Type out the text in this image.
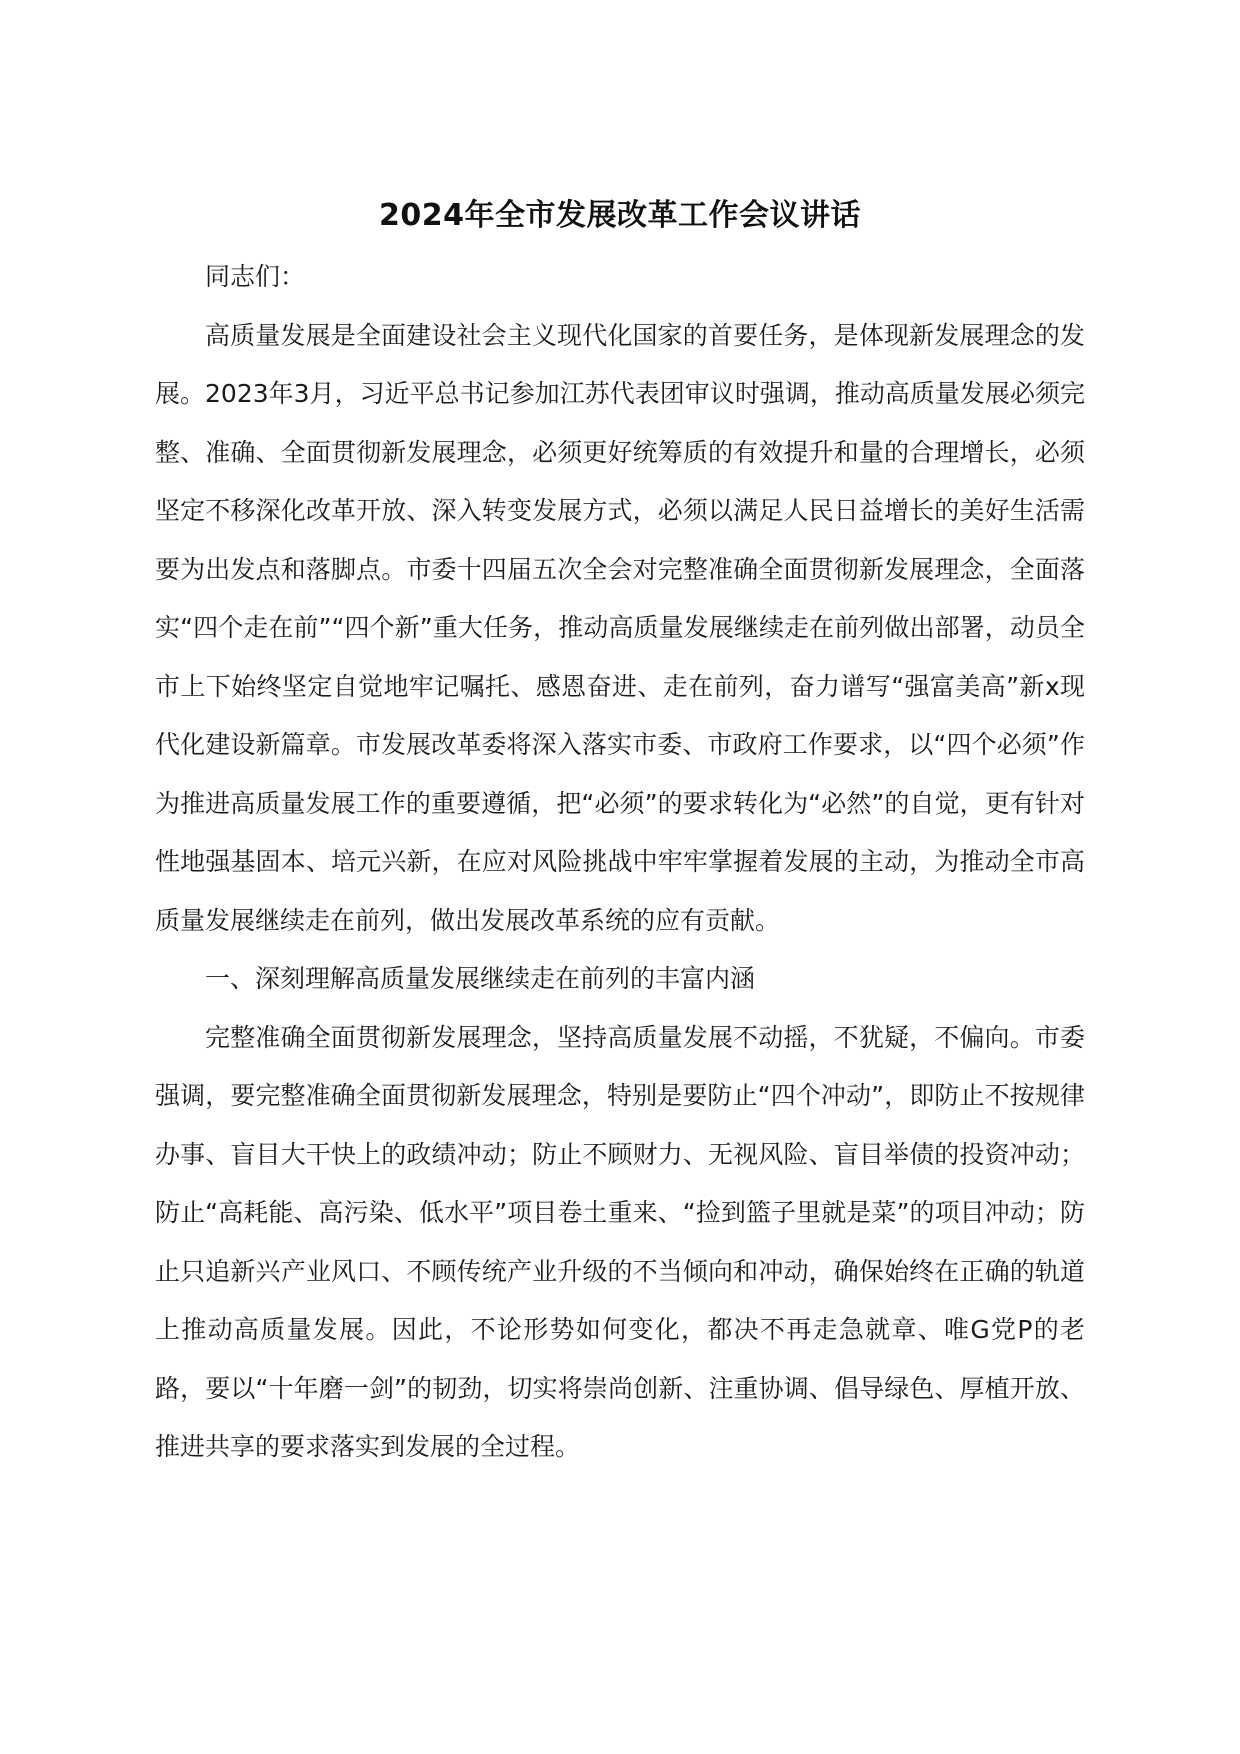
2024年全市发展改革工作会议讲话

同志们：

高质量发展是全面建设社会主义现代化国家的首要任务，是体现新发展理念的发展。2023年3月，习近平总书记参加江苏代表团审议时强调，推动高质量发展必须完整、准确、全面贯彻新发展理念，必须更好统筹质的有效提升和量的合理增长，必须坚定不移深化改革开放、深入转变发展方式，必须以满足人民日益增长的美好生活需要为出发点和落脚点。市委十四届五次全会对完整准确全面贯彻新发展理念，全面落实“四个走在前”“四个新”重大任务，推动高质量发展继续走在前列做出部署，动员全市上下始终坚定自觉地牢记嘱托、感恩奋进、走在前列，奋力谱写“强富美高”新x现代化建设新篇章。市发展改革委将深入落实市委、市政府工作要求，以“四个必须”作为推进高质量发展工作的重要遵循，把“必须”的要求转化为“必然”的自觉，更有针对性地强基固本、培元兴新，在应对风险挑战中牢牢掌握着发展的主动，为推动全市高质量发展继续走在前列，做出发展改革系统的应有贡献。

一、深刻理解高质量发展继续走在前列的丰富内涵

完整准确全面贯彻新发展理念，坚持高质量发展不动摇，不犹疑，不偏向。市委强调，要完整准确全面贯彻新发展理念，特别是要防止“四个冲动”，即防止不按规律办事、盲目大干快上的政绩冲动；防止不顾财力、无视风险、盲目举债的投资冲动；防止“高耗能、高污染、低水平”项目卷土重来、“捡到篮子里就是菜”的项目冲动；防止只追新兴产业风口、不顾传统产业升级的不当倾向和冲动，确保始终在正确的轨道上推动高质量发展。因此，不论形势如何变化，都决不再走急就章、唯G党P的老路，要以“十年磨一剑”的韧劲，切实将崇尚创新、注重协调、倡导绿色、厚植开放、推进共享的要求落实到发展的全过程。
